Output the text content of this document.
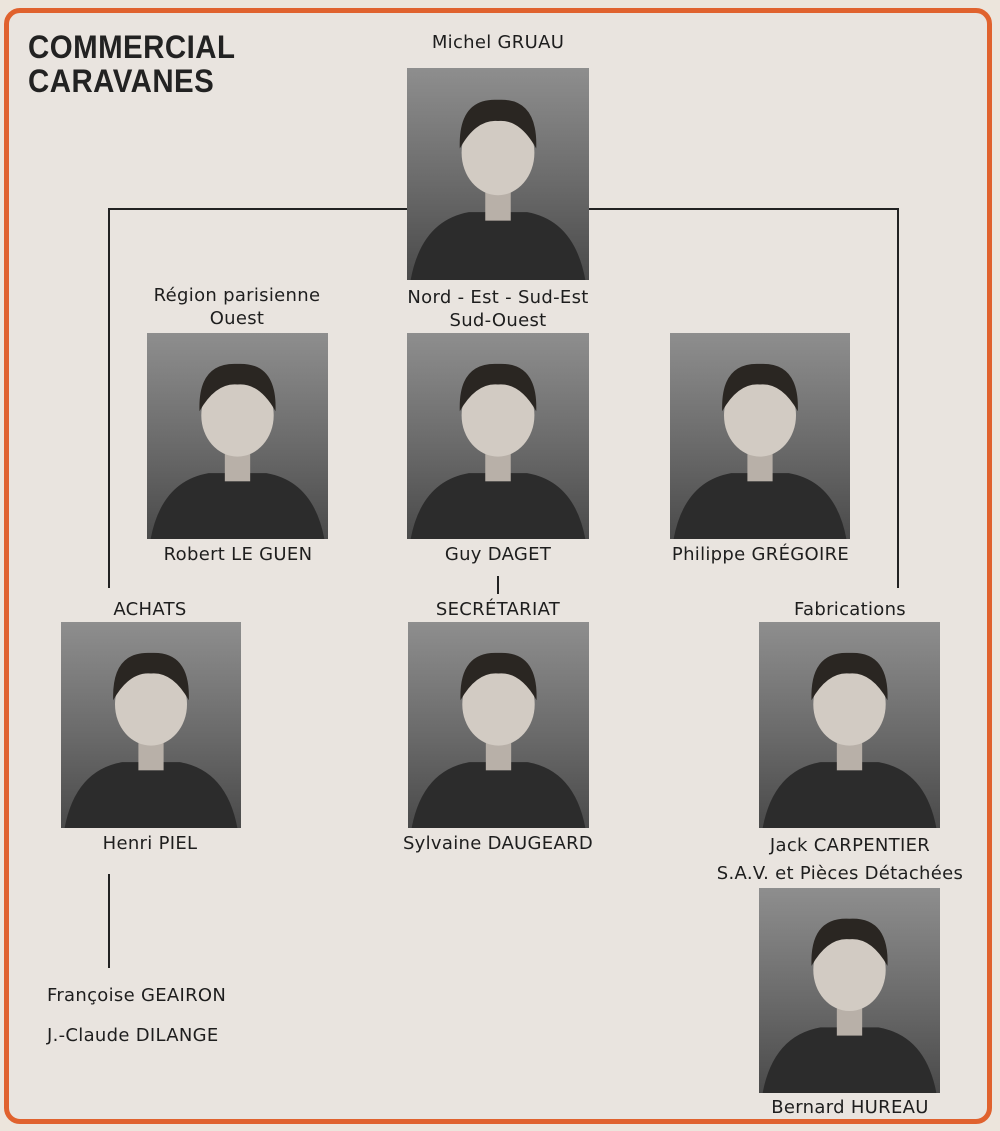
COMMERCIAL
CARAVANES
Michel GRUAU
Région parisienne
Ouest
Nord - Est - Sud-Est
Sud-Ouest
Robert LE GUEN	Guy DAGET	Philippe GRÉGOIRE
ACHATS	SECRÉTARIAT	Fabrications
Henri PIEL	Sylvaine DAUGEARD	Jack CARPENTIER
S.A.V. et Pièces Détachées
Françoise GEAIRON
J.-Claude DILANGE
Bernard HUREAU
